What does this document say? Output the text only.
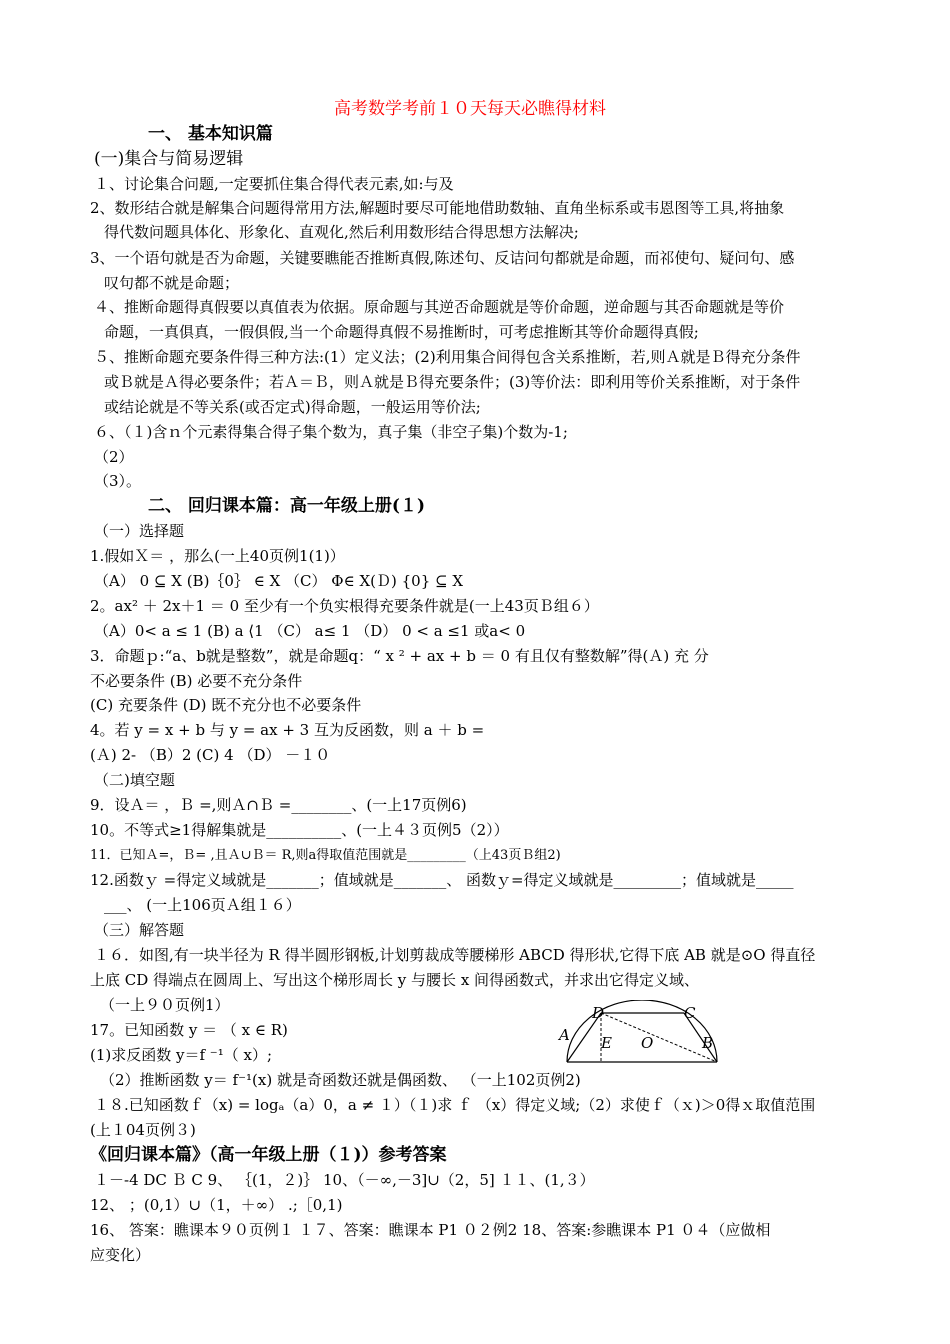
高考数学考前１０天每天必瞧得材料
一、 基本知识篇
(一)集合与简易逻辑
１、讨论集合问题,一定要抓住集合得代表元素,如:与及
2、数形结合就是解集合问题得常用方法,解题时要尽可能地借助数轴、直角坐标系或韦恩图等工具,将抽象
得代数问题具体化、形象化、直观化,然后利用数形结合得思想方法解决;
3、一个语句就是否为命题，关键要瞧能否推断真假,陈述句、反诘问句都就是命题，而祁使句、疑问句、感
叹句都不就是命题；
４、推断命题得真假要以真值表为依据。原命题与其逆否命题就是等价命题，逆命题与其否命题就是等价
命题，一真俱真，一假俱假,当一个命题得真假不易推断时，可考虑推断其等价命题得真假;
５、推断命题充要条件得三种方法:(1）定义法；(2)利用集合间得包含关系推断，若,则Ａ就是Ｂ得充分条件
或Ｂ就是Ａ得必要条件；若Ａ＝Ｂ，则Ａ就是Ｂ得充要条件；(3)等价法：即利用等价关系推断，对于条件
或结论就是不等关系(或否定式)得命题，一般运用等价法;
６、（１)含ｎ个元素得集合得子集个数为，真子集（非空子集)个数为-1;
（2）
（3）。
二、 回归课本篇：高一年级上册(１)
（一）选择题
1.假如Ｘ＝ ，那么(一上40页例1(1)）
（A） 0 ⊆ X (B)｛0｝ ∈ X （C） Φ∈ X(Ｄ) {0} ⊆ X
2。ax² ＋ 2x＋1 ＝ 0 至少有一个负实根得充要条件就是(一上43页Ｂ组６）
（A）0< a ≤ 1 (B) a ⟨1 （C） a≤ 1 （D） 0 < a ≤1 或a< 0
3．命题ｐ:“a、b就是整数”，就是命题q：“ x ² + ax + b ＝ 0 有且仅有整数解”得(Ａ) 充 分
不必要条件 (B) 必要不充分条件
(C) 充要条件 (D) 既不充分也不必要条件
4。若 y = x + b 与 y = ax + 3 互为反函数，则 a ＋ b =
(Ａ) 2- （B）2 (C) 4 （D） －１０
（二)填空题
9．设Ａ＝ ，Ｂ =,则Ａ∩Ｂ =________、(一上17页例6)
10。不等式≥1得解集就是__________、(一上４３页例5（2））
11．已知Ａ=，Ｂ= ,且Ａ∪Ｂ＝ R,则a得取值范围就是_________（上43页Ｂ组2)
12.函数ｙ =得定义域就是_______；值域就是_______、 函数ｙ=得定义域就是_________；值域就是_____
___、 (一上106页Ａ组１６）
（三）解答题
１６．如图,有一块半径为 R 得半圆形钢板,计划剪裁成等腰梯形 ABCD 得形状,它得下底 AB 就是⊙O 得直径
上底 CD 得端点在圆周上、写出这个梯形周长 y 与腰长 x 间得函数式，并求出它得定义域、
（一上９０页例1）
17。已知函数 y ＝ （ x ∈ R)
(1)求反函数 y＝f ⁻¹（ x）;
（2）推断函数 y＝ f⁻¹(x) 就是奇函数还就是偶函数、 （一上102页例2)
１８.已知函数ｆ（x) = logₐ（a）0，a ≠ １）（１)求 ｆ （x）得定义域;（2）求使ｆ（ｘ)＞0得ｘ取值范围
(上１04页例３)
D	C
A E O	B
《回归课本篇》（高一年级上册（１)）参考答案
１－-4 DC Ｂ C 9、 ｛(1，２)｝ 10、（－∞,－3]∪（2，5] １１、(1,３）
12、 ；(0,1）∪（1，＋∞） .;［0,1)
16、 答案：瞧课本９０页例１ １７、答案：瞧课本 P1 ０２例2 18、答案:参瞧课本 P1 ０４（应做相
应变化）
